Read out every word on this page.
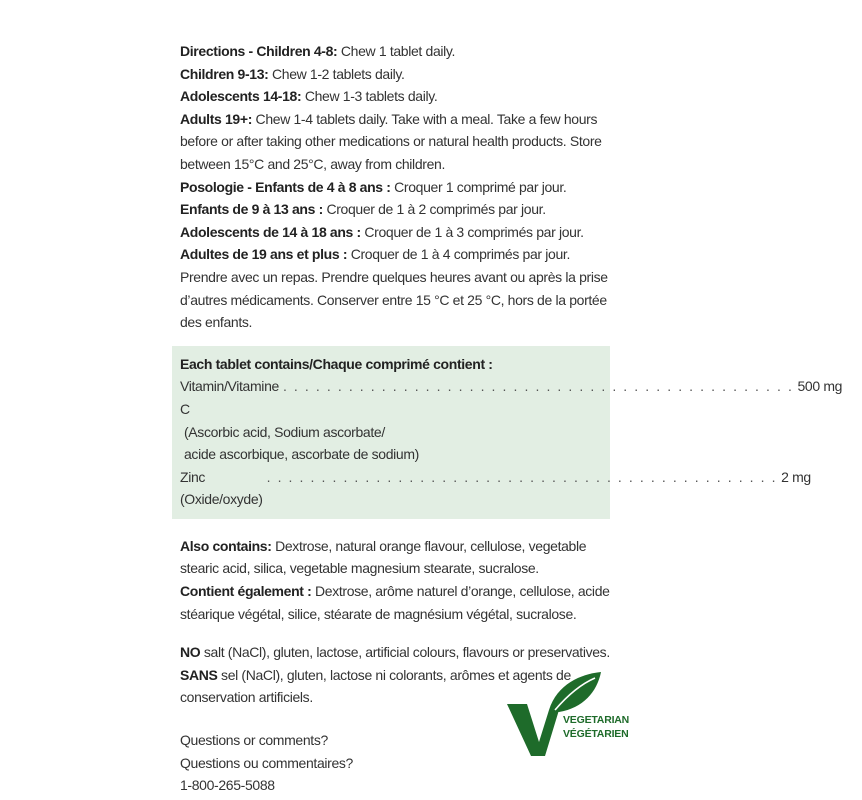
Directions - Children 4-8: Chew 1 tablet daily.

Children 9-13: Chew 1-2 tablets daily.

Adolescents 14-18: Chew 1-3 tablets daily.

Adults 19+: Chew 1-4 tablets daily. Take with a meal. Take a few hours before or after taking other medications or natural health products. Store between 15°C and 25°C, away from children.

Posologie - Enfants de 4 à 8 ans : Croquer 1 comprimé par jour.

Enfants de 9 à 13 ans : Croquer de 1 à 2 comprimés par jour.

Adolescents de 14 à 18 ans : Croquer de 1 à 3 comprimés par jour.

Adultes de 19 ans et plus : Croquer de 1 à 4 comprimés par jour. Prendre avec un repas. Prendre quelques heures avant ou après la prise d’autres médicaments. Conserver entre 15 °C et 25 °C, hors de la portée des enfants.

Each tablet contains/Chaque comprimé contient :

Vitamin/Vitamine C
. . . . . . . . . . . . . . . . . . . . . . . . . . . . . . . . . . . . . . . . . . . . . . . 500 mg

(Ascorbic acid, Sodium ascorbate/

acide ascorbique, ascorbate de sodium)

Zinc (Oxide/oxyde)
. . . . . . . . . . . . . . . . . . . . . . . . . . . . . . . . . . . . . . . . . . . . . . . 2 mg

Also contains: Dextrose, natural orange flavour, cellulose, vegetable stearic acid, silica, vegetable magnesium stearate, sucralose.

Contient également : Dextrose, arôme naturel d’orange, cellulose, acide stéarique végétal, silice, stéarate de magnésium végétal, sucralose.

NO salt (NaCl), gluten, lactose, artificial colours, flavours or preservatives.

SANS sel (NaCl), gluten, lactose ni colorants, arômes et agents de conservation artificiels.

Questions or comments?

Questions ou commentaires?

1-800-265-5088

VEGETARIAN
VÉGÉTARIEN
